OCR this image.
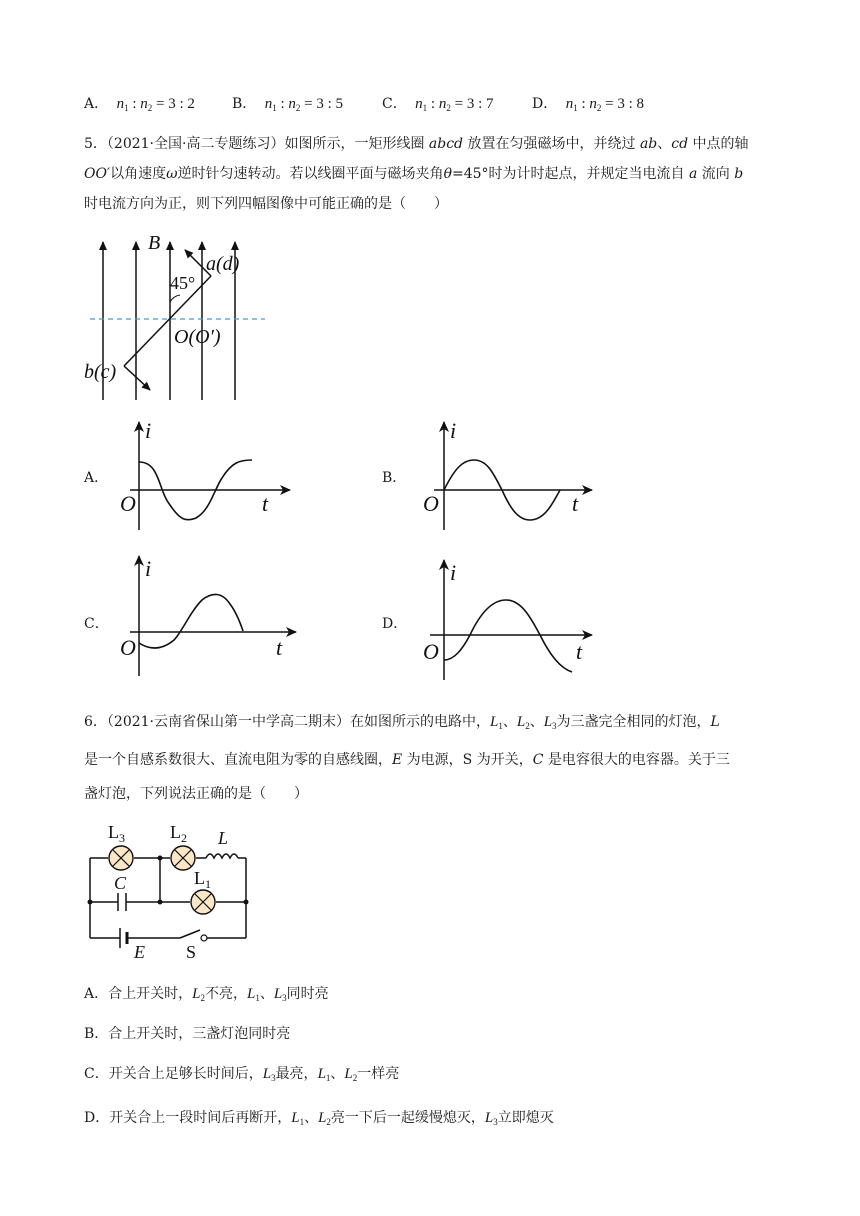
A． $n_1$ : $n_2 = 3$ : 2	B． $n_1$ : $n_2 = 3$ : 5	C． $n_1$ : $n_2 = 3$ : 7	D． $n_1$ : $n_2 = 3$ : 8
5．（2021·全国·高二专题练习）如图所示，一矩形线圈 abcd 放置在匀强磁场中，并绕过 ab、cd 中点的轴
OO′以角速度ω逆时针匀速转动。若以线圈平面与磁场夹角θ=45°时为计时起点，并规定当电流自 a 流向 b
时电流方向为正，则下列四幅图像中可能正确的是（　　）
B
45°
a(d)
O(O′)
b(c)
A．	B．
C．	D．
i
t
O
i
t
O
i
t
O
i
t
O
6．（2021·云南省保山第一中学高二期末）在如图所示的电路中，$L_1$、$L_2$、$L_3$为三盏完全相同的灯泡，L
是一个自感系数很大、直流电阻为零的自感线圈，E 为电源，S 为开关，C 是电容很大的电容器。关于三
盏灯泡，下列说法正确的是（　　）
$L_3$	$L_2$
$L_1$
L
C
E S
A．合上开关时，$L_2$不亮，$L_1$、$L_3$同时亮
B．合上开关时，三盏灯泡同时亮
C．开关合上足够长时间后，$L_3$最亮，$L_1$、$L_2$一样亮
D．开关合上一段时间后再断开，$L_1$、$L_2$亮一下后一起缓慢熄灭，$L_3$立即熄灭
